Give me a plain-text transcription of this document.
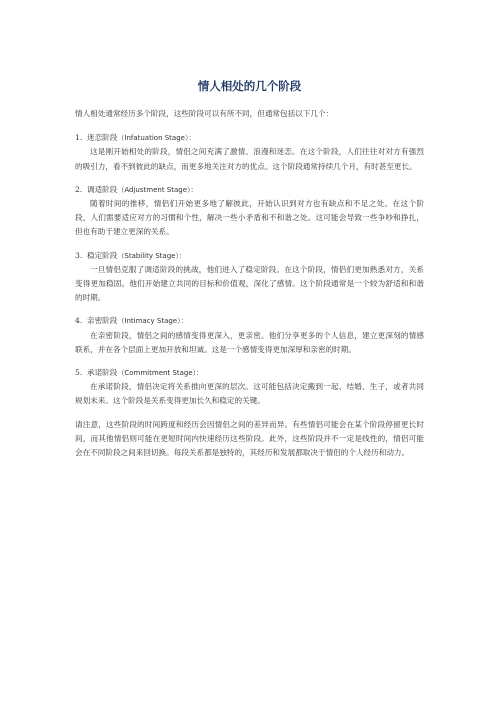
情人相处的几个阶段

情人相处通常经历多个阶段，这些阶段可以有所不同，但通常包括以下几个：

1. 迷恋阶段（Infatuation Stage）：

这是刚开始相处的阶段，情侣之间充满了激情、浪漫和迷恋。在这个阶段，人们往往对对方有强烈的吸引力，看不到彼此的缺点，而更多地关注对方的优点。这个阶段通常持续几个月，有时甚至更长。

2. 调适阶段（Adjustment Stage）：

随着时间的推移，情侣们开始更多地了解彼此，开始认识到对方也有缺点和不足之处。在这个阶段，人们需要适应对方的习惯和个性，解决一些小矛盾和不和谐之处。这可能会导致一些争吵和挣扎，但也有助于建立更深的关系。

3. 稳定阶段（Stability Stage）：

一旦情侣克服了调适阶段的挑战，他们进入了稳定阶段。在这个阶段，情侣们更加熟悉对方，关系变得更加稳固。他们开始建立共同的目标和价值观，深化了感情。这个阶段通常是一个较为舒适和和谐的时期。

4. 亲密阶段（Intimacy Stage）：

在亲密阶段，情侣之间的感情变得更深入，更亲密。他们分享更多的个人信息，建立更深刻的情感联系，并在各个层面上更加开放和坦诚。这是一个感情变得更加深厚和亲密的时期。

5. 承诺阶段（Commitment Stage）：

在承诺阶段，情侣决定将关系推向更深的层次。这可能包括决定搬到一起、结婚、生子，或者共同规划未来。这个阶段是关系变得更加长久和稳定的关键。

请注意，这些阶段的时间跨度和经历会因情侣之间的差异而异。有些情侣可能会在某个阶段停留更长时间，而其他情侣则可能在更短时间内快速经历这些阶段。此外，这些阶段并不一定是线性的，情侣可能会在不同阶段之间来回切换。每段关系都是独特的，其经历和发展都取决于情侣的个人经历和动力。
